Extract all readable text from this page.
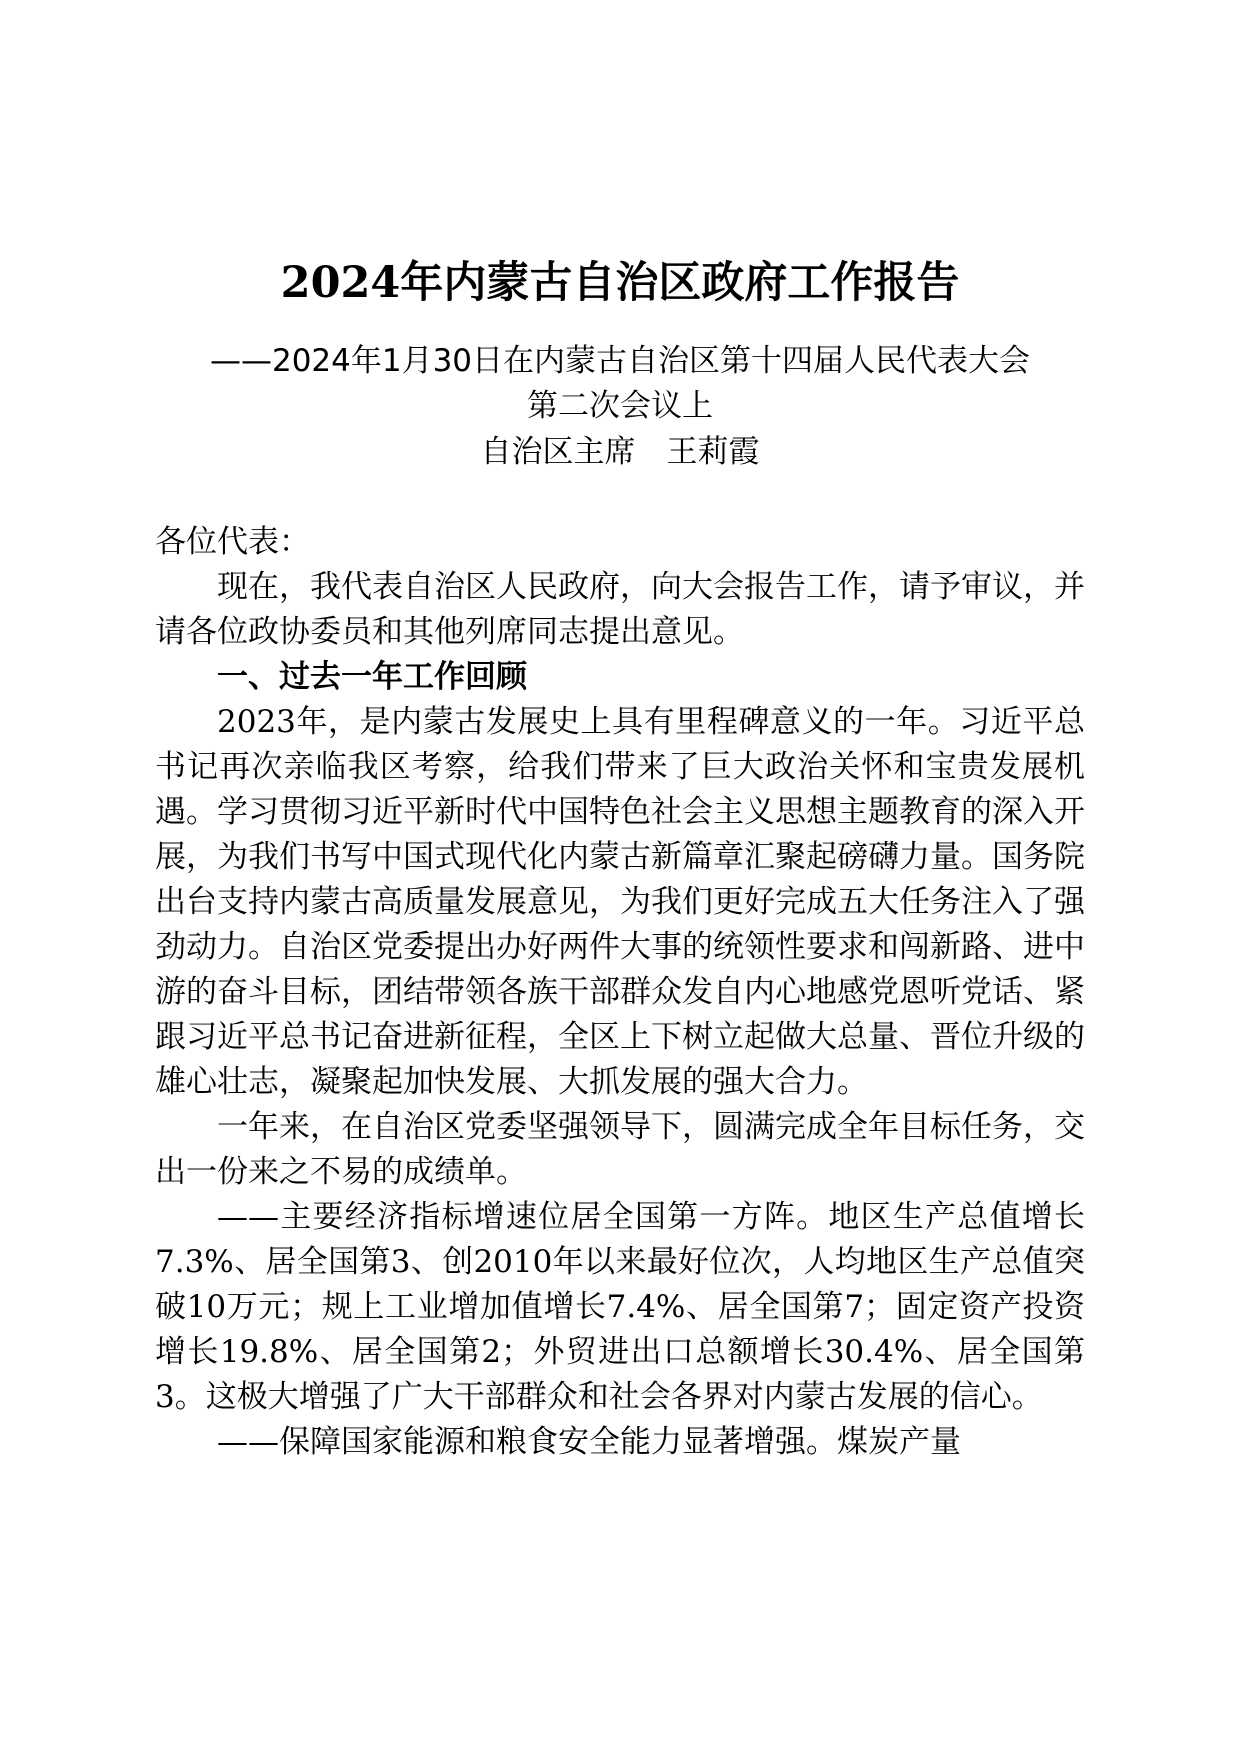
2024年内蒙古自治区政府工作报告
——2024年1月30日在内蒙古自治区第十四届人民代表大会
第二次会议上
自治区主席　王莉霞

各位代表：

现在，我代表自治区人民政府，向大会报告工作，请予审议，并请各位政协委员和其他列席同志提出意见。

一、过去一年工作回顾

2023年，是内蒙古发展史上具有里程碑意义的一年。习近平总书记再次亲临我区考察，给我们带来了巨大政治关怀和宝贵发展机遇。学习贯彻习近平新时代中国特色社会主义思想主题教育的深入开展，为我们书写中国式现代化内蒙古新篇章汇聚起磅礴力量。国务院出台支持内蒙古高质量发展意见，为我们更好完成五大任务注入了强劲动力。自治区党委提出办好两件大事的统领性要求和闯新路、进中游的奋斗目标，团结带领各族干部群众发自内心地感党恩听党话、紧跟习近平总书记奋进新征程，全区上下树立起做大总量、晋位升级的雄心壮志，凝聚起加快发展、大抓发展的强大合力。

一年来，在自治区党委坚强领导下，圆满完成全年目标任务，交出一份来之不易的成绩单。

——主要经济指标增速位居全国第一方阵。地区生产总值增长7.3%、居全国第3、创2010年以来最好位次，人均地区生产总值突破10万元；规上工业增加值增长7.4%、居全国第7；固定资产投资增长19.8%、居全国第2；外贸进出口总额增长30.4%、居全国第3。这极大增强了广大干部群众和社会各界对内蒙古发展的信心。

——保障国家能源和粮食安全能力显著增强。煤炭产量
